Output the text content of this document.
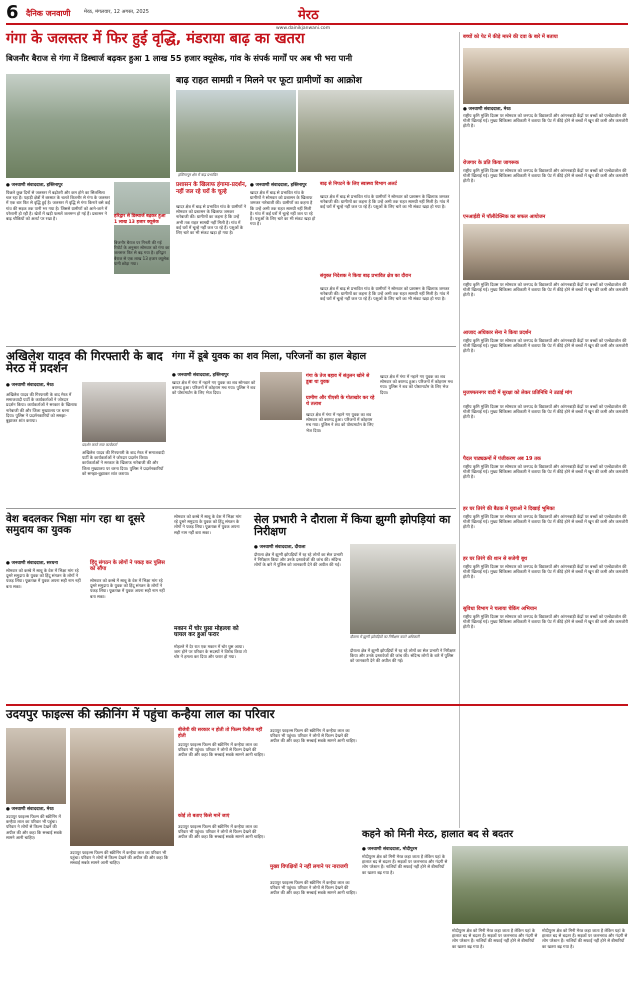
6 दैनिक जनवाणी	मेरठ, मंगलवार, 12 अगस्त, 2025	मेरठ
www.dainikjanwani.com
गंगा के जलस्तर में फिर हुई वृद्धि, मंडराया बाढ़ का खतरा
बिजनौर बैराज से गंगा में डिस्चार्ज बढ़कर हुआ 1 लाख 55 हजार क्यूसेक, गांव के संपर्क मार्गों पर अब भी भरा पानी
● जनवाणी संवाददाता, हस्तिनापुर
पिछले कुछ दिनों से जलस्तर में बढ़ोतरी और कम होने का सिलसिला चल रहा है। पहाड़ी क्षेत्रों में बरसात के चलते बिजनौर से गंगा के जलस्तर में एक बार फिर से वृद्धि हुई है। जलस्तर में वृद्धि से गंगा किनारे बसे कई गांव की सड़क तक पानी भर गया है। जिससे ग्रामीणों को आने-जाने में परेशानी हो रही है। खेतों में खड़ी फसलें जलमग्न हो गई हैं। प्रशासन ने बाढ़ चौकियों को अलर्ट पर रखा है।	हरिद्वार से डिस्चार्ज बढ़कर हुआ 1 लाख 13 हजार क्यूसेक
बिजनौर बैराज पर गिनती की गई रिपोर्ट के अनुसार सोमवार को गंगा का जलस्तर फिर से बढ़ गया है। हरिद्वार बैराज से एक लाख 13 हजार क्यूसेक पानी छोड़ा गया।
बाढ़ राहत सामग्री न मिलने पर फूटा ग्रामीणों का आक्रोश
हस्तिनापुर क्षेत्र में बाढ़ प्रभावित
प्रशासन के खिलाफ हंगामा-प्रदर्शन, नहीं जल रहे घरों के चूल्हे
● जनवाणी संवाददाता, हस्तिनापुर
खादर क्षेत्र में बाढ़ से प्रभावित गांव के ग्रामीणों ने सोमवार को प्रशासन के खिलाफ जमकर नारेबाजी की। ग्रामीणों का कहना है कि उन्हें अभी तक राहत सामग्री नहीं मिली है। गांव में कई घरों में चूल्हे नहीं जल पा रहे हैं। पशुओं के लिए चारे का भी संकट खड़ा हो गया है।
खादर क्षेत्र में बाढ़ से प्रभावित गांव के ग्रामीणों ने सोमवार को प्रशासन के खिलाफ जमकर नारेबाजी की। ग्रामीणों का कहना है कि उन्हें अभी तक राहत सामग्री नहीं मिली है। गांव में कई घरों में चूल्हे नहीं जल पा रहे हैं। पशुओं के लिए चारे का भी संकट खड़ा हो गया है।
बाढ़ से निपटने के लिए स्वास्थ्य विभाग अलर्ट
खादर क्षेत्र में बाढ़ से प्रभावित गांव के ग्रामीणों ने सोमवार को प्रशासन के खिलाफ जमकर नारेबाजी की। ग्रामीणों का कहना है कि उन्हें अभी तक राहत सामग्री नहीं मिली है। गांव में कई घरों में चूल्हे नहीं जल पा रहे हैं। पशुओं के लिए चारे का भी संकट खड़ा हो गया है।
संयुक्त निदेशक ने किया बाढ़ प्रभावित क्षेत्र का दौरान
खादर क्षेत्र में बाढ़ से प्रभावित गांव के ग्रामीणों ने सोमवार को प्रशासन के खिलाफ जमकर नारेबाजी की। ग्रामीणों का कहना है कि उन्हें अभी तक राहत सामग्री नहीं मिली है। गांव में कई घरों में चूल्हे नहीं जल पा रहे हैं। पशुओं के लिए चारे का भी संकट खड़ा हो गया है।
बच्चों को पेट में कीड़े मारने की दवा के बारे में बताया
● जनवाणी संवाददाता, मेरठ
राष्ट्रीय कृमि मुक्ति दिवस पर सोमवार को जनपद के विद्यालयों और आंगनबाड़ी केंद्रों पर बच्चों को एल्बेंडाजोल की गोली खिलाई गई। मुख्य चिकित्सा अधिकारी ने बताया कि पेट में कीड़े होने से बच्चों में खून की कमी और कमजोरी होती है।
रोजगार के प्रति किया जागरूक
राष्ट्रीय कृमि मुक्ति दिवस पर सोमवार को जनपद के विद्यालयों और आंगनबाड़ी केंद्रों पर बच्चों को एल्बेंडाजोल की गोली खिलाई गई। मुख्य चिकित्सा अधिकारी ने बताया कि पेट में कीड़े होने से बच्चों में खून की कमी और कमजोरी होती है।
एनआईडी में पॉलीटेक्निक का सफल आयोजन
राष्ट्रीय कृमि मुक्ति दिवस पर सोमवार को जनपद के विद्यालयों और आंगनबाड़ी केंद्रों पर बच्चों को एल्बेंडाजोल की गोली खिलाई गई। मुख्य चिकित्सा अधिकारी ने बताया कि पेट में कीड़े होने से बच्चों में खून की कमी और कमजोरी होती है।
आजाद अधिकार सेना ने किया प्रदर्शन
राष्ट्रीय कृमि मुक्ति दिवस पर सोमवार को जनपद के विद्यालयों और आंगनबाड़ी केंद्रों पर बच्चों को एल्बेंडाजोल की गोली खिलाई गई। मुख्य चिकित्सा अधिकारी ने बताया कि पेट में कीड़े होने से बच्चों में खून की कमी और कमजोरी होती है।
मुजफ्फरनगर वादी में सुरक्षा को लेकर प्रतिनिधि ने उठाई मांग
राष्ट्रीय कृमि मुक्ति दिवस पर सोमवार को जनपद के विद्यालयों और आंगनबाड़ी केंद्रों पर बच्चों को एल्बेंडाजोल की गोली खिलाई गई। मुख्य चिकित्सा अधिकारी ने बताया कि पेट में कीड़े होने से बच्चों में खून की कमी और कमजोरी होती है।
पैदल पाठ्यक्रमों में पंजीकरण अब 19 तक
राष्ट्रीय कृमि मुक्ति दिवस पर सोमवार को जनपद के विद्यालयों और आंगनबाड़ी केंद्रों पर बच्चों को एल्बेंडाजोल की गोली खिलाई गई। मुख्य चिकित्सा अधिकारी ने बताया कि पेट में कीड़े होने से बच्चों में खून की कमी और कमजोरी होती है।
हर घर तिरंगे की बैठक में युवाओं ने दिखाई भूमिका
राष्ट्रीय कृमि मुक्ति दिवस पर सोमवार को जनपद के विद्यालयों और आंगनबाड़ी केंद्रों पर बच्चों को एल्बेंडाजोल की गोली खिलाई गई। मुख्य चिकित्सा अधिकारी ने बताया कि पेट में कीड़े होने से बच्चों में खून की कमी और कमजोरी होती है।
हर घर तिरंगे की शान से सजेगी बूथ
राष्ट्रीय कृमि मुक्ति दिवस पर सोमवार को जनपद के विद्यालयों और आंगनबाड़ी केंद्रों पर बच्चों को एल्बेंडाजोल की गोली खिलाई गई। मुख्य चिकित्सा अधिकारी ने बताया कि पेट में कीड़े होने से बच्चों में खून की कमी और कमजोरी होती है।
सुविधा विभाग ने चलाया चेकिंग अभियान
राष्ट्रीय कृमि मुक्ति दिवस पर सोमवार को जनपद के विद्यालयों और आंगनबाड़ी केंद्रों पर बच्चों को एल्बेंडाजोल की गोली खिलाई गई। मुख्य चिकित्सा अधिकारी ने बताया कि पेट में कीड़े होने से बच्चों में खून की कमी और कमजोरी होती है।
अखिलेश यादव की गिरफ्तारी के बाद मेरठ में प्रदर्शन
● जनवाणी संवाददाता, मेरठ
अखिलेश यादव की गिरफ्तारी के बाद मेरठ में समाजवादी पार्टी के कार्यकर्ताओं ने जोरदार प्रदर्शन किया। कार्यकर्ताओं ने सरकार के खिलाफ नारेबाजी की और जिला मुख्यालय पर धरना दिया। पुलिस ने प्रदर्शनकारियों को समझा-बुझाकर शांत कराया।
प्रदर्शन करते सपा कार्यकर्ता
अखिलेश यादव की गिरफ्तारी के बाद मेरठ में समाजवादी पार्टी के कार्यकर्ताओं ने जोरदार प्रदर्शन किया। कार्यकर्ताओं ने सरकार के खिलाफ नारेबाजी की और जिला मुख्यालय पर धरना दिया। पुलिस ने प्रदर्शनकारियों को समझा-बुझाकर शांत कराया।
गंगा में डूबे युवक का शव मिला, परिजनों का हाल बेहाल
● जनवाणी संवाददाता, हस्तिनापुर
खादर क्षेत्र में गंगा में नहाने गए युवक का शव सोमवार को बरामद हुआ। परिजनों में कोहराम मच गया। पुलिस ने शव को पोस्टमार्टम के लिए भेज दिया।
गंगा के तेज बहाव में संतुलन खोने से डूबा था युवक
ग्रामीण और पीएसी के गोताखोर कर रहे थे तलाश
खादर क्षेत्र में गंगा में नहाने गए युवक का शव सोमवार को बरामद हुआ। परिजनों में कोहराम मच गया। पुलिस ने शव को पोस्टमार्टम के लिए भेज दिया।
खादर क्षेत्र में गंगा में नहाने गए युवक का शव सोमवार को बरामद हुआ। परिजनों में कोहराम मच गया। पुलिस ने शव को पोस्टमार्टम के लिए भेज दिया।
वेश बदलकर भिक्षा मांग रहा था दूसरे समुदाय का युवक
● जनवाणी संवाददाता, सरधना
सोमवार को कस्बे में साधु के वेश में भिक्षा मांग रहे दूसरे समुदाय के युवक को हिंदू संगठन के लोगों ने पकड़ लिया। पूछताछ में युवक अपना सही नाम नहीं बता सका।
हिंदू संगठन के लोगों ने पकड़ कर पुलिस को सौंपा
सोमवार को कस्बे में साधु के वेश में भिक्षा मांग रहे दूसरे समुदाय के युवक को हिंदू संगठन के लोगों ने पकड़ लिया। पूछताछ में युवक अपना सही नाम नहीं बता सका।
सोमवार को कस्बे में साधु के वेश में भिक्षा मांग रहे दूसरे समुदाय के युवक को हिंदू संगठन के लोगों ने पकड़ लिया। पूछताछ में युवक अपना सही नाम नहीं बता सका।
मकान में चोर घुसा मोहल्ला को घायल कर हुआ फरार
मोहल्ले में देर रात एक मकान में चोर घुस आया। जाग होने पर परिवार के सदस्यों ने विरोध किया तो चोर ने हमला कर दिया और फरार हो गया।
सेल प्रभारी ने दौराला में किया झुग्गी झोपड़ियां का निरीक्षण
● जनवाणी संवाददाता, दौराला
दौराला क्षेत्र में झुग्गी झोपड़ियों में रह रहे लोगों का सेल प्रभारी ने निरीक्षण किया और उनके दस्तावेजों की जांच की। संदिग्ध लोगों के बारे में पुलिस को जानकारी देने की अपील की गई।
दौराला में झुग्गी झोपड़ियों का निरीक्षण करते अधिकारी
दौराला क्षेत्र में झुग्गी झोपड़ियों में रह रहे लोगों का सेल प्रभारी ने निरीक्षण किया और उनके दस्तावेजों की जांच की। संदिग्ध लोगों के बारे में पुलिस को जानकारी देने की अपील की गई।
उदयपुर फाइल्स की स्क्रीनिंग में पहुंचा कन्हैया लाल का परिवार
● जनवाणी संवाददाता, मेरठ
उदयपुर फाइल्स फिल्म की स्क्रीनिंग में कन्हैया लाल का परिवार भी पहुंचा। परिवार ने लोगों से फिल्म देखने की अपील की और कहा कि सच्चाई सबके सामने आनी चाहिए।
उदयपुर फाइल्स फिल्म की स्क्रीनिंग में कन्हैया लाल का परिवार भी पहुंचा। परिवार ने लोगों से फिल्म देखने की अपील की और कहा कि सच्चाई सबके सामने आनी चाहिए।
बीजेपी की सरकार न होती तो फिल्म रिलीज नहीं होती
उदयपुर फाइल्स फिल्म की स्क्रीनिंग में कन्हैया लाल का परिवार भी पहुंचा। परिवार ने लोगों से फिल्म देखने की अपील की और कहा कि सच्चाई सबके सामने आनी चाहिए।
कोई तो बताए किसे मानें जाएं
उदयपुर फाइल्स फिल्म की स्क्रीनिंग में कन्हैया लाल का परिवार भी पहुंचा। परिवार ने लोगों से फिल्म देखने की अपील की और कहा कि सच्चाई सबके सामने आनी चाहिए।
मुख्य विपक्षियों ने नहीं लगाने पर नाराजगी
उदयपुर फाइल्स फिल्म की स्क्रीनिंग में कन्हैया लाल का परिवार भी पहुंचा। परिवार ने लोगों से फिल्म देखने की अपील की और कहा कि सच्चाई सबके सामने आनी चाहिए।
उदयपुर फाइल्स फिल्म की स्क्रीनिंग में कन्हैया लाल का परिवार भी पहुंचा। परिवार ने लोगों से फिल्म देखने की अपील की और कहा कि सच्चाई सबके सामने आनी चाहिए।
कहने को मिनी मेरठ, हालात बद से बदतर
● जनवाणी संवाददाता, मोदीपुरम
मोदीपुरम क्षेत्र को मिनी मेरठ कहा जाता है लेकिन यहां के हालात बद से बदतर हैं। सड़कों पर जलभराव और गंदगी से लोग परेशान हैं। नालियों की सफाई नहीं होने से बीमारियों का खतरा बढ़ गया है।
मोदीपुरम क्षेत्र को मिनी मेरठ कहा जाता है लेकिन यहां के हालात बद से बदतर हैं। सड़कों पर जलभराव और गंदगी से लोग परेशान हैं। नालियों की सफाई नहीं होने से बीमारियों का खतरा बढ़ गया है।
मोदीपुरम क्षेत्र को मिनी मेरठ कहा जाता है लेकिन यहां के हालात बद से बदतर हैं। सड़कों पर जलभराव और गंदगी से लोग परेशान हैं। नालियों की सफाई नहीं होने से बीमारियों का खतरा बढ़ गया है।
